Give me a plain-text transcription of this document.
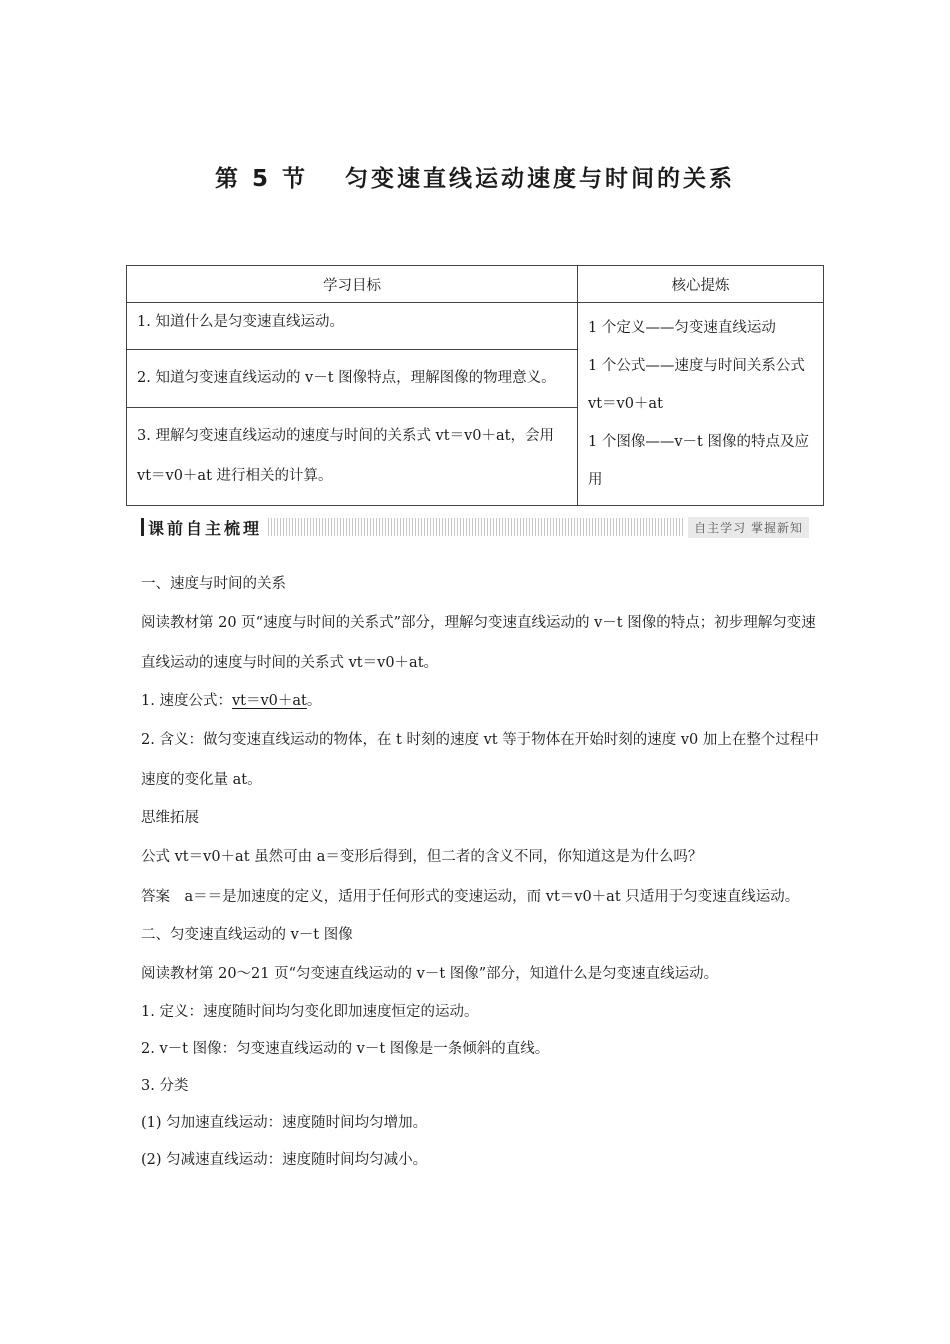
第 5 节　 匀变速直线运动速度与时间的关系
学习目标	核心提炼
1. 知道什么是匀变速直线运动。	1 个定义——匀变速直线运动
1 个公式——速度与时间关系公式 vt＝v0＋at
1 个图像——v－t 图像的特点及应用

2. 知道匀变速直线运动的 v－t 图像特点，理解图像的物理意义。	
3. 理解匀变速直线运动的速度与时间的关系式 vt＝v0＋at，会用 vt＝v0＋at 进行相关的计算。	
课前自主梳理	自主学习 掌握新知

一、速度与时间的关系

阅读教材第 20 页“速度与时间的关系式”部分，理解匀变速直线运动的 v－t 图像的特点；初步理解匀变速直线运动的速度与时间的关系式 vt＝v0＋at。

1. 速度公式：vt＝v0＋at。

2. 含义：做匀变速直线运动的物体，在 t 时刻的速度 vt 等于物体在开始时刻的速度 v0 加上在整个过程中速度的变化量 at。

思维拓展

公式 vt＝v0＋at 虽然可由 a＝变形后得到，但二者的含义不同，你知道这是为什么吗？

答案　a＝＝是加速度的定义，适用于任何形式的变速运动，而 vt＝v0＋at 只适用于匀变速直线运动。

二、匀变速直线运动的 v－t 图像

阅读教材第 20～21 页“匀变速直线运动的 v－t 图像”部分，知道什么是匀变速直线运动。

1. 定义：速度随时间均匀变化即加速度恒定的运动。

2. v－t 图像：匀变速直线运动的 v－t 图像是一条倾斜的直线。

3. 分类

(1) 匀加速直线运动：速度随时间均匀增加。

(2) 匀减速直线运动：速度随时间均匀减小。
